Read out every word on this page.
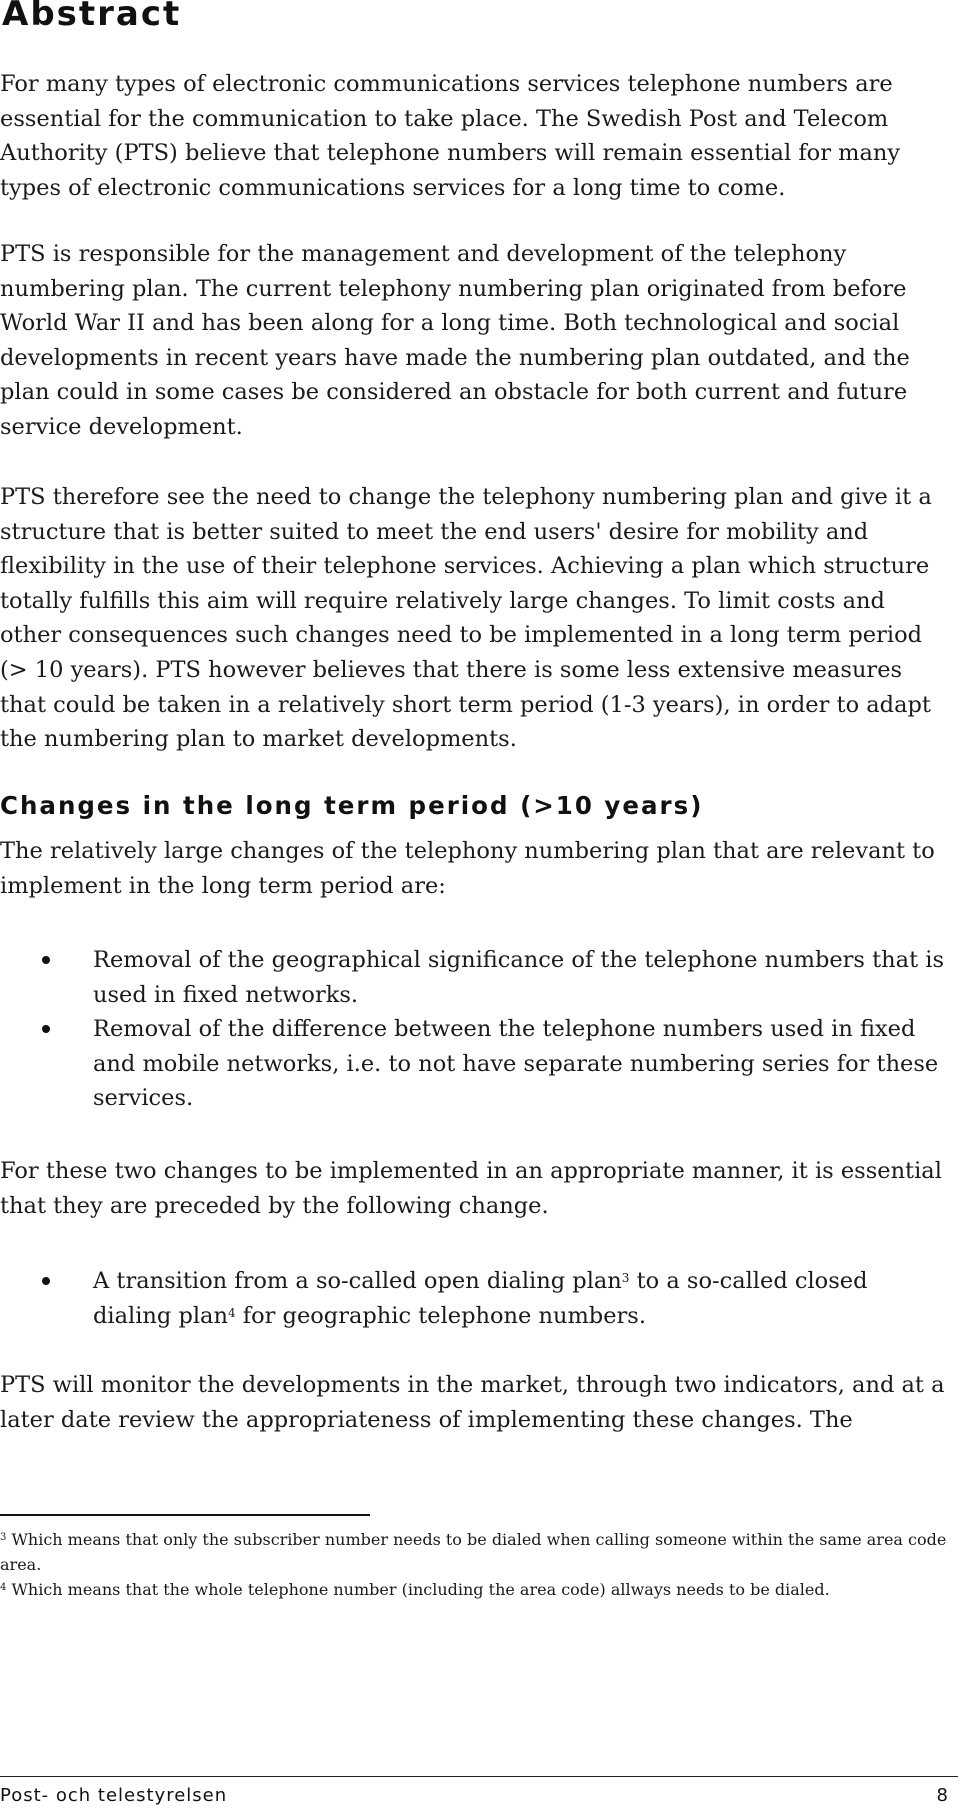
Abstract

For many types of electronic communications services telephone numbers are essential for the communication to take place. The Swedish Post and Telecom Authority (PTS) believe that telephone numbers will remain essential for many types of electronic communications services for a long time to come.

PTS is responsible for the management and development of the telephony numbering plan. The current telephony numbering plan originated from before World War II and has been along for a long time. Both technological and social developments in recent years have made the numbering plan outdated, and the plan could in some cases be considered an obstacle for both current and future service development.

PTS therefore see the need to change the telephony numbering plan and give it a structure that is better suited to meet the end users' desire for mobility and flexibility in the use of their telephone services. Achieving a plan which structure totally fulfills this aim will require relatively large changes. To limit costs and other consequences such changes need to be implemented in a long term period (> 10 years). PTS however believes that there is some less extensive measures that could be taken in a relatively short term period (1-3 years), in order to adapt the numbering plan to market developments.

Changes in the long term period (>10 years)

The relatively large changes of the telephony numbering plan that are relevant to implement in the long term period are:

Removal of the geographical significance of the telephone numbers that is used in fixed networks.
Removal of the difference between the telephone numbers used in fixed and mobile networks, i.e. to not have separate numbering series for these services.

For these two changes to be implemented in an appropriate manner, it is essential that they are preceded by the following change.

A transition from a so-called open dialing plan$^3$ to a so-called closed dialing plan$^4$ for geographic telephone numbers.

PTS will monitor the developments in the market, through two indicators, and at a later date review the appropriateness of implementing these changes. The

$^3$ Which means that only the subscriber number needs to be dialed when calling someone within the same area code area.

$^4$ Which means that the whole telephone number (including the area code) allways needs to be dialed.

Post- och telestyrelsen	8
